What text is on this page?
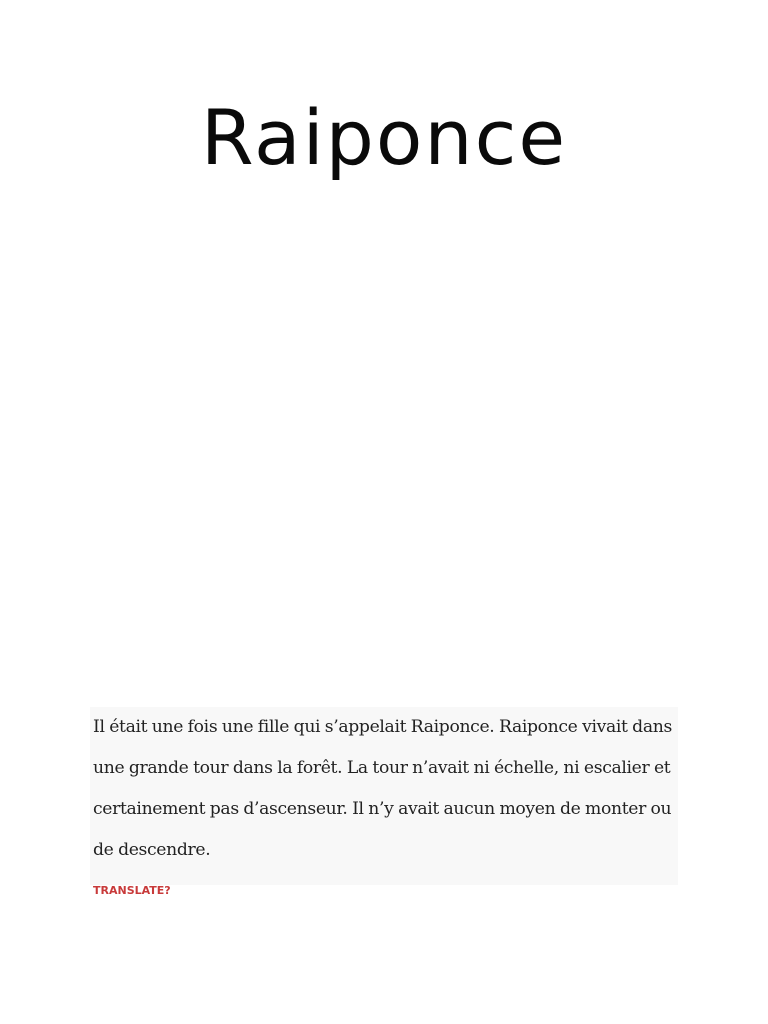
Raiponce

Il était une fois une fille qui s’appelait Raiponce. Raiponce vivait dans une grande tour dans la forêt. La tour n’avait ni échelle, ni escalier et certainement pas d’ascenseur. Il n’y avait aucun moyen de monter ou de descendre.

TRANSLATE?
